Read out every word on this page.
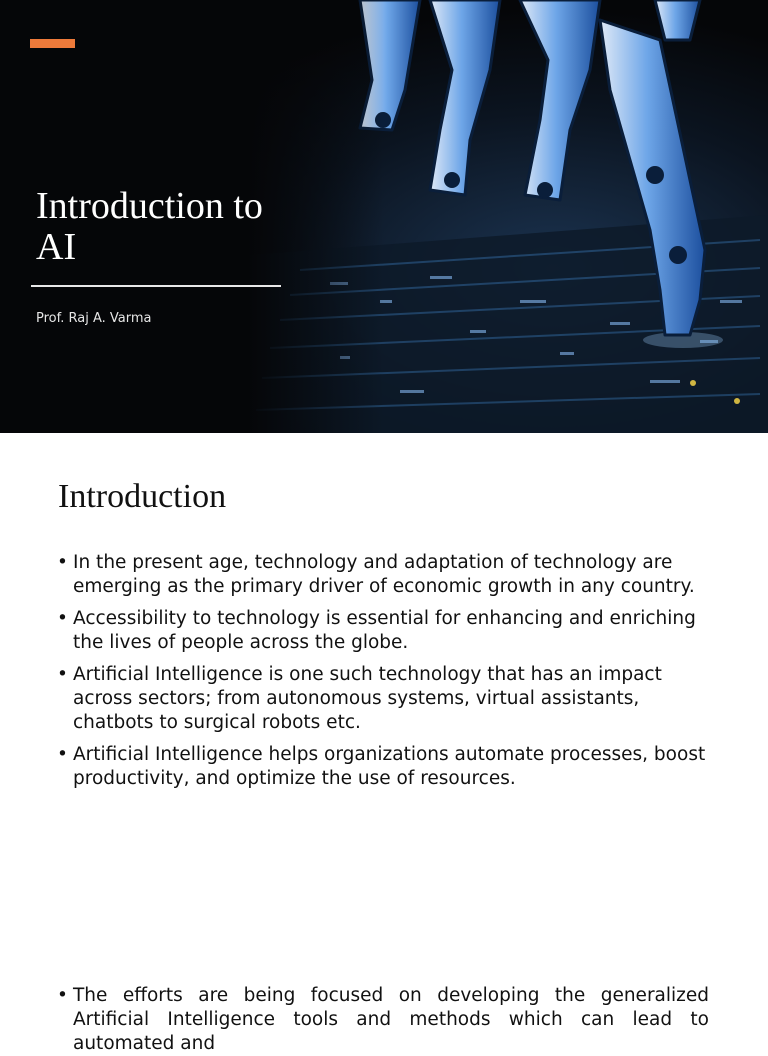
Introduction to AI
Prof. Raj A. Varma
Introduction
• In the present age, technology and adaptation of technology are emerging as the primary driver of economic growth in any country.
• Accessibility to technology is essential for enhancing and enriching the lives of people across the globe.
• Artificial Intelligence is one such technology that has an impact across sectors; from autonomous systems, virtual assistants, chatbots to surgical robots etc.
• Artificial Intelligence helps organizations automate processes, boost productivity, and optimize the use of resources.
• The efforts are being focused on developing the generalized Artificial Intelligence tools and methods which can lead to automated and
